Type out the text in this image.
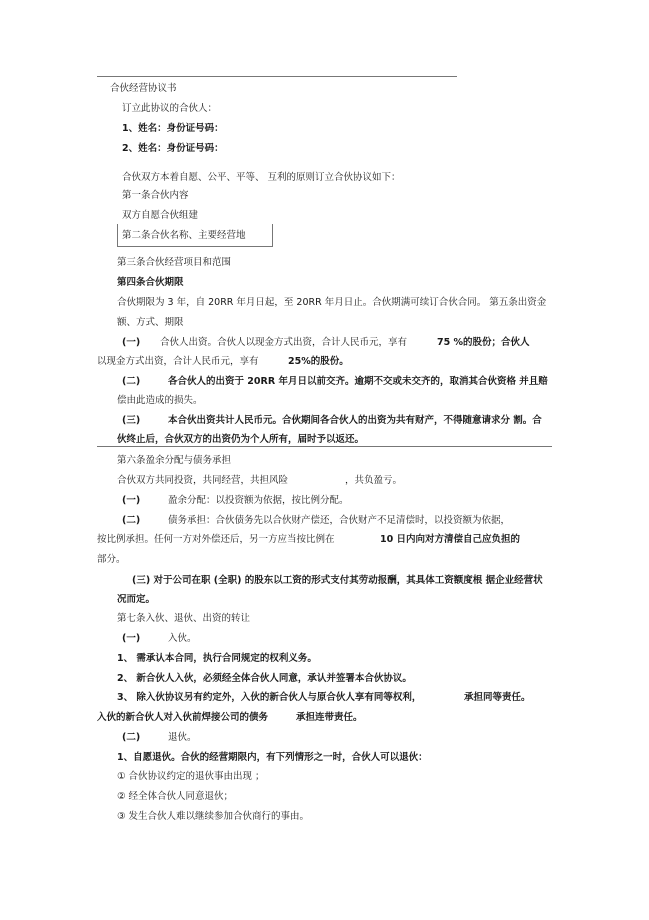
合伙经营协议书
订立此协议的合伙人：
1、姓名：身份证号码：
2、姓名：身份证号码：
合伙双方本着自愿、公平、平等、 互利的原则订立合伙协议如下：
第一条合伙内容
双方自愿合伙组建
第二条合伙名称、主要经营地
第三条合伙经营项目和范围
第四条合伙期限
合伙期限为 3 年，自 20RR 年月日起，至 20RR 年月日止。合伙期满可续订合伙合同。 第五条出资金
额、方式、期限
(一) 合伙人出资。合伙人以现金方式出资，合计人民币元，享有	75 %的股份；合伙人
以现金方式出资，合计人民币元，享有	25%的股份。
(二)	各合伙人的出资于 20RR 年月日以前交齐。逾期不交或未交齐的，取消其合伙资格 并且赔
偿由此造成的损失。
(三)	本合伙出资共计人民币元。合伙期间各合伙人的出资为共有财产，不得随意请求分 割。合
伙终止后，合伙双方的出资仍为个人所有，届时予以返还。
第六条盈余分配与债务承担
合伙双方共同投资，共同经营，共担风险	，共负盈亏。
(一)	盈余分配：以投资额为依据，按比例分配。
(二)	债务承担：合伙债务先以合伙财产偿还，合伙财产不足清偿时，以投资额为依据，
按比例承担。任何一方对外偿还后，另一方应当按比例在	10 日内向对方清偿自己应负担的
部分。
(三) 对于公司在职 (全职) 的股东以工资的形式支付其劳动报酬，其具体工资额度根 据企业经营状
况而定。
第七条入伙、退伙、出资的转让
(一)	入伙。
1、 需承认本合同，执行合同规定的权利义务。
2、 新合伙人入伙，必须经全体合伙人同意，承认并签署本合伙协议。
3、 除入伙协议另有约定外，入伙的新合伙人与原合伙人享有同等权利，	承担同等责任。
入伙的新合伙人对入伙前焊接公司的债务	承担连带责任。
(二)	退伙。
1、自愿退伙。合伙的经营期限内，有下列情形之一时，合伙人可以退伙：
① 合伙协议约定的退伙事由出现 ；
② 经全体合伙人同意退伙；
③ 发生合伙人难以继续参加合伙商行的事由。
